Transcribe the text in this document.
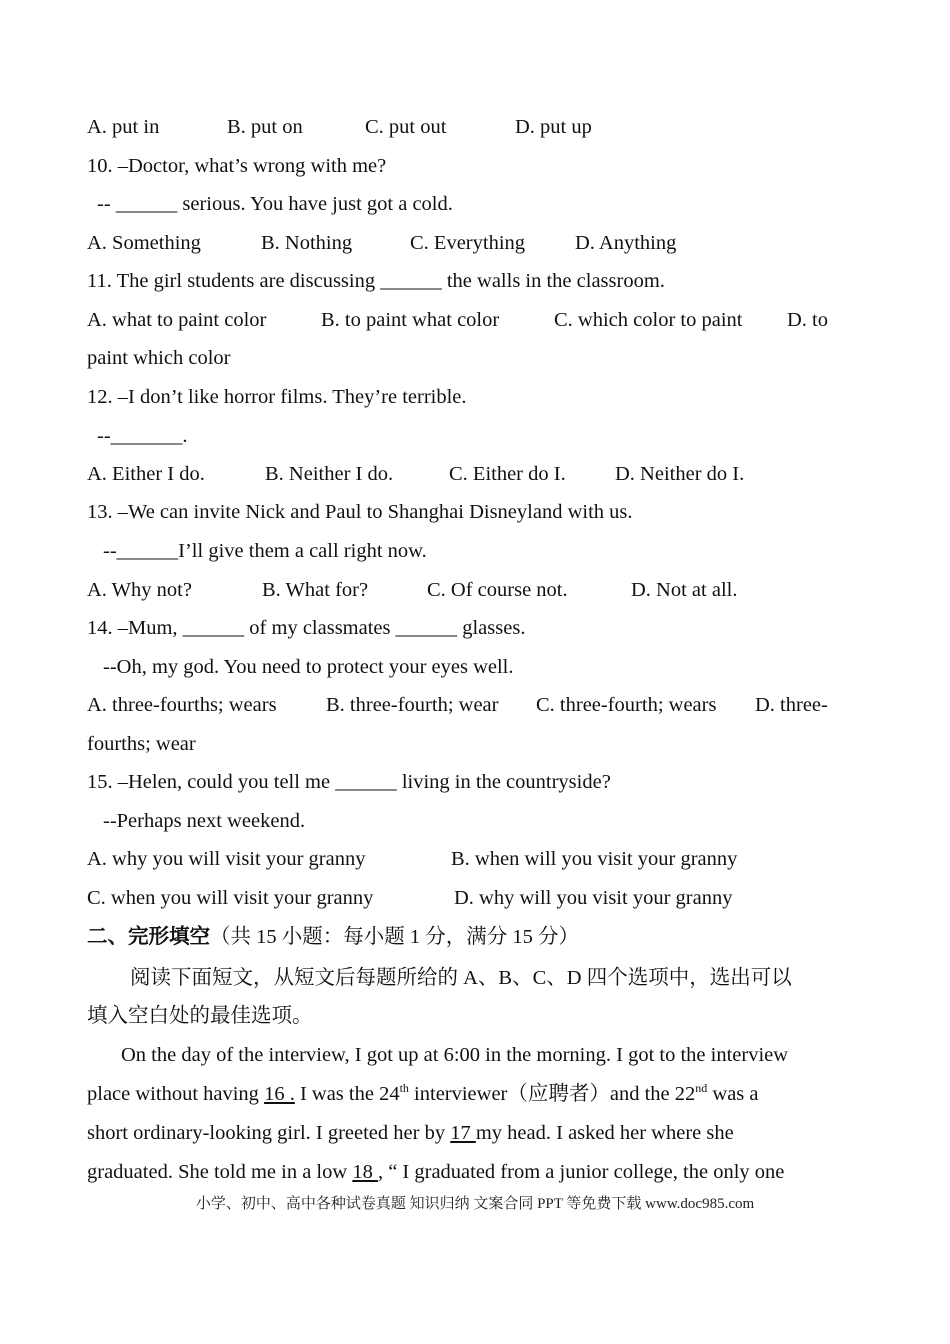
A. put in	B. put on	C. put out	D. put up
10. –Doctor, what’s wrong with me?
-- ______ serious. You have just got a cold.
A. Something	B. Nothing	C. Everything D. Anything
11. The girl students are discussing ______ the walls in the classroom.
A. what to paint color	B. to paint what color	C. which color to paint D. to
paint which color
12. –I don’t like horror films. They’re terrible.
--_______.
A. Either I do.	B. Neither I do.	C. Either do I. D. Neither do I.
13. –We can invite Nick and Paul to Shanghai Disneyland with us.
--______I’ll give them a call right now.
A. Why not?	B. What for?	C. Of course not.	D. Not at all.
14. –Mum, ______ of my classmates ______ glasses.
--Oh, my god. You need to protect your eyes well.
A. three-fourths; wears B. three-fourth; wear C. three-fourth; wears D. three-
fourths; wear
15. –Helen, could you tell me ______ living in the countryside?
--Perhaps next weekend.
A. why you will visit your granny	B. when will you visit your granny
C. when you will visit your granny	D. why will you visit your granny
二、完形填空（共 15 小题：每小题 1 分，满分 15 分）
阅读下面短文，从短文后每题所给的 A、B、C、D 四个选项中，选出可以
填入空白处的最佳选项。
On the day of the interview, I got up at 6:00 in the morning. I got to the interview
place without having 16 . I was the 24th interviewer（应聘者）and the 22nd was a
short ordinary-looking girl. I greeted her by 17 my head. I asked her where she
graduated. She told me in a low 18 , “ I graduated from a junior college, the only one
小学、初中、高中各种试卷真题 知识归纳 文案合同 PPT 等免费下载 www.doc985.com
